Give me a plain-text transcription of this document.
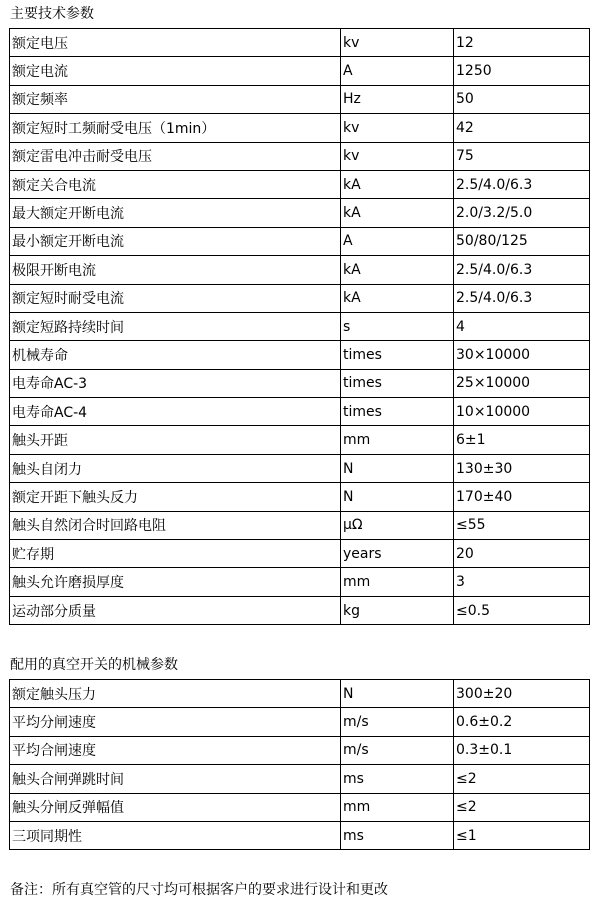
主要技术参数
额定电压	kv	12
额定电流	A	1250
额定频率	Hz	50
额定短时工频耐受电压（1min）	kv	42
额定雷电冲击耐受电压	kv	75
额定关合电流	kA	2.5/4.0/6.3
最大额定开断电流	kA	2.0/3.2/5.0
最小额定开断电流	A	50/80/125
极限开断电流	kA	2.5/4.0/6.3
额定短时耐受电流	kA	2.5/4.0/6.3
额定短路持续时间	s	4
机械寿命	times	30×10000
电寿命AC-3	times	25×10000
电寿命AC-4	times	10×10000
触头开距	mm	6±1
触头自闭力	N	130±30
额定开距下触头反力	N	170±40
触头自然闭合时回路电阻	µΩ	≤55
贮存期	years	20
触头允许磨损厚度	mm	3
运动部分质量	kg	≤0.5
配用的真空开关的机械参数
额定触头压力	N	300±20
平均分闸速度	m/s	0.6±0.2
平均合闸速度	m/s	0.3±0.1
触头合闸弹跳时间	ms	≤2
触头分闸反弹幅值	mm	≤2
三项同期性	ms	≤1
备注：所有真空管的尺寸均可根据客户的要求进行设计和更改
